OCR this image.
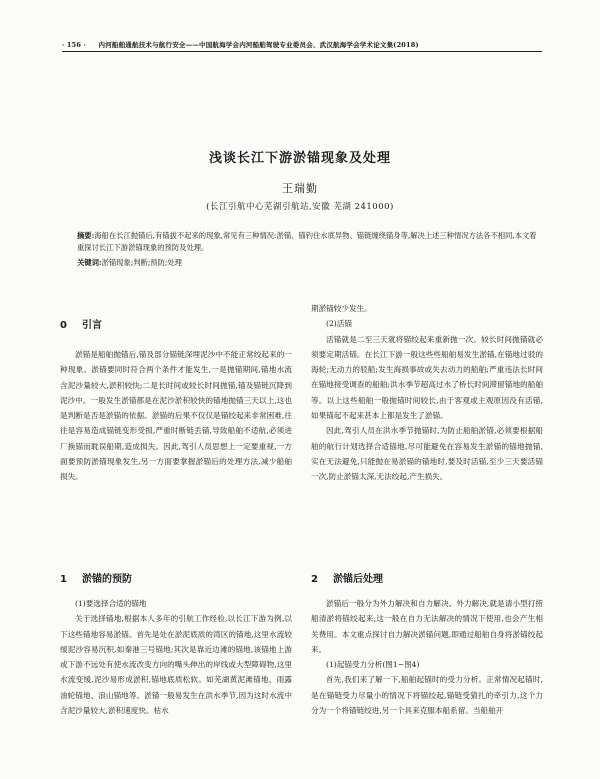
· 156 · 内河船舶通航技术与航行安全——中国航海学会内河船舶驾驶专业委员会、武汉航海学会学术论文集(2018)
浅谈长江下游淤锚现象及处理
王瑞勤
(长江引航中心芜湖引航站,安徽 芜湖 241000)
摘要:海船在长江抛锚后,有锚拔不起来的现象,常见有三种情况:淤锚、锚钓住水底异物、锚链缠绕锚身等,解决上述三种情况方法各不相同,本文着重探讨长江下游淤锚现象的预防及处理。
关键词:淤锚现象;判断;预防;处理
0 引言

淤锚是船舶抛锚后,锚及部分锚链深埋泥沙中不能正常绞起来的一种现象。淤锚要同时符合两个条件才能发生,一是抛锚期间,锚地水流含泥沙量较大,淤积较快;二是长时间或较长时间抛锚,锚及锚链沉降到泥沙中。一般发生淤锚都是在泥沙淤积较快的锚地抛锚三天以上,这也是判断是否是淤锚的依据。淤锚的后果不仅仅是锚绞起来非常困难,往往是容易造成锚链变形受损,严重时断链丢锚,导致船舶不适航,必须进厂换锚而耽误船期,造成损失。因此,驾引人员思想上一定要重视,一方面要预防淤锚现象发生,另一方面要掌握淤锚后的处理方法,减少船舶损失。

1 淤锚的预防

(1)要选择合适的锚地

关于选择锚地,根据本人多年的引航工作经验,以长江下游为例,以下这些锚地容易淤锚。首先是处在淤泥底质的湾区的锚地,这里水流较缓泥沙容易沉积,如秦港三号锚地;其次是靠近边滩的锚地,该锚地上游或下游不远处有使水流改变方向的嘴头伸出的岸线或大型障碍物,这里水流变缓,泥沙易形成淤积,锚地底质松软。如芜湖黄泥滩锚地、雨露油轮锚地、浪山锚地等。淤锚一般易发生在洪水季节,因为这时水流中含泥沙量较大,淤积速度快。枯水

期淤锚较少发生。

(2)活锚

活锚就是二至三天就将锚绞起来重新抛一次。较长时间抛锚就必须要定期活锚。在长江下游一般这些些船舶易发生淤锚,在锚地过驳的海轮;无动力的驳船;发生海损事故或失去动力的船舶;严重违法长时间在锚地接受调查的船舶;洪水季节超高过水了桥长时间滞留锚地的船舶等。以上这些船舶一般抛锚时间较长,由于客观或主观原因没有活锚,如果锚起不起来甚本上都是发生了淤锚。

因此,驾引人员在洪水季节抛锚时,为防止船舶淤锚,必须要根据船舶的航行计划选择合适锚地,尽可能避免在容易发生淤锚的锚地抛锚,实在无法避免,只能抛在易淤锚的锚地时,要及时活锚,至少三天要活锚一次,防止淤锚太深,无法绞起,产生损失。

2 淤锚后处理

淤锚后一般分为外力解决和自力解决。外力解决,就是请小型打捞船清淤将锚绞起来,这一般在自力无法解决的情况下使用,也会产生相关费用。本文重点探讨自力解决淤锚问题,即通过船舶自身将淤锚绞起来。

(1)起锚受力分析(图1~图4)

首先,我们来了解一下,船舶起锚时的受力分析。正常情况起锚时,是在锚链受力尽量小的情况下将锚绞起,锚链受猜扎的牵引力,这个力分为一个将锚链绞进,另一个具来克服本船系留。当船舶开
